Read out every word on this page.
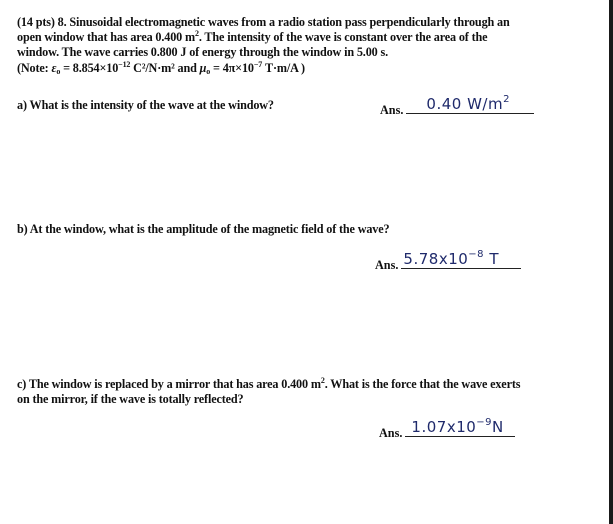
(14 pts) 8. Sinusoidal electromagnetic waves from a radio station pass perpendicularly through an
open window that has area 0.400 $m^2$. The intensity of the wave is constant over the area of the
window. The wave carries 0.800 J of energy through the window in 5.00 s.
(Note: $\varepsilon_o = 8.854\times 10^{-12}$ C²/N·m² and $\mu_o = 4\pi\times 10^{-7}$ T·m/A )
a) What is the intensity of the wave at the window?	Ans. 0.40 $W/m^2$
b) At the window, what is the amplitude of the magnetic field of the wave?
Ans. $5.78x10^{-8}$ T
c) The window is replaced by a mirror that has area 0.400 $m^2$. What is the force that the wave exerts
on the mirror, if the wave is totally reflected?
Ans. $1.07x10^{-9}N$
